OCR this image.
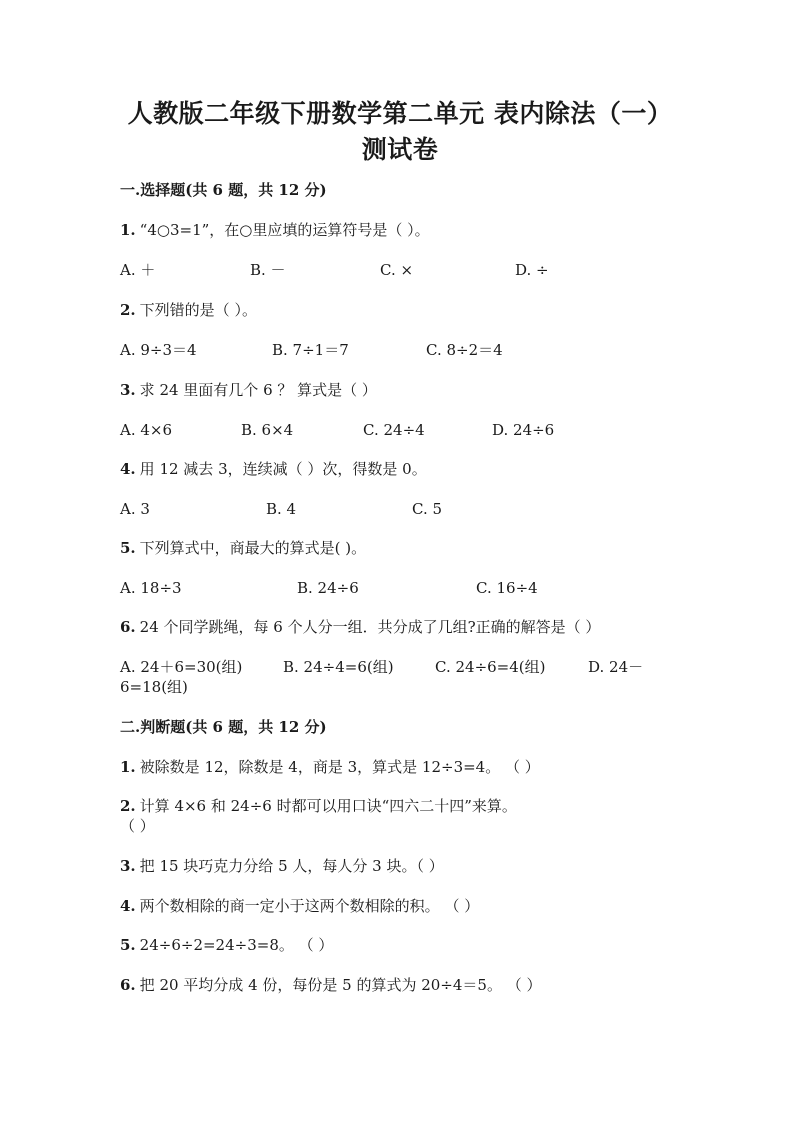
人教版二年级下册数学第二单元 表内除法（一）
测试卷
一.选择题(共 6 题，共 12 分)
1. “4○3=1”，在○里应填的运算符号是（ ）。
A. ＋	B. －	C. ×	D. ÷
2. 下列错的是（ ）。
A. 9÷3＝4	B. 7÷1＝7	C. 8÷2＝4
3. 求 24 里面有几个 6 ？ 算式是（ ）
A. 4×6	B. 6×4	C. 24÷4	D. 24÷6
4. 用 12 减去 3，连续减（ ）次，得数是 0。
A. 3	B. 4	C. 5
5. 下列算式中，商最大的算式是( )。
A. 18÷3	B. 24÷6	C. 16÷4
6. 24 个同学跳绳，每 6 个人分一组．共分成了几组?正确的解答是（ ）
A. 24＋6=30(组)	B. 24÷4=6(组)	C. 24÷6=4(组)	D. 24－
6=18(组)
二.判断题(共 6 题，共 12 分)
1. 被除数是 12，除数是 4，商是 3，算式是 12÷3=4。 （ ）
2. 计算 4×6 和 24÷6 时都可以用口诀“四六二十四”来算。
（ ）
3. 把 15 块巧克力分给 5 人，每人分 3 块。（ ）
4. 两个数相除的商一定小于这两个数相除的积。 （ ）
5. 24÷6÷2=24÷3=8。 （ ）
6. 把 20 平均分成 4 份，每份是 5 的算式为 20÷4＝5。 （ ）
